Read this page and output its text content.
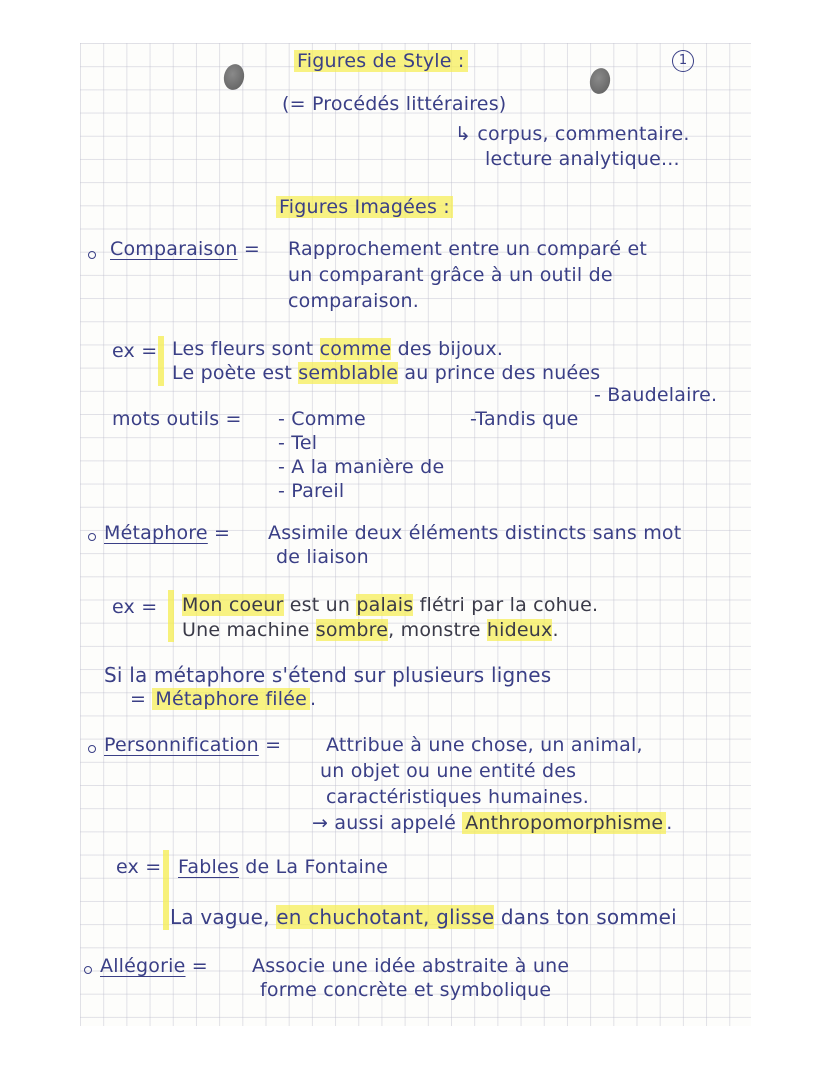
Figures de Style :	1
(= Procédés littéraires)
↳ corpus, commentaire.
lecture analytique...
Figures Imagées :
Comparaison = Rapprochement entre un comparé et
un comparant grâce à un outil de
comparaison.
ex = Les fleurs sont comme des bijoux.
Le poète est semblable au prince des nuées
- Baudelaire.
mots outils = - Comme
- Tel
- A la manière de
- Pareil
-Tandis que
Métaphore = Assimile deux éléments distincts sans mot
de liaison
ex = Mon coeur est un palais flétri par la cohue.
Une machine sombre, monstre hideux.
Si la métaphore s'étend sur plusieurs lignes
= Métaphore filée .
Personnification = Attribue à une chose, un animal,
un objet ou une entité des
caractéristiques humaines.
→ aussi appelé Anthropomorphisme .
ex = Fables de La Fontaine
La vague, en chuchotant, glisse dans ton sommei
Allégorie = Associe une idée abstraite à une
forme concrète et symbolique
